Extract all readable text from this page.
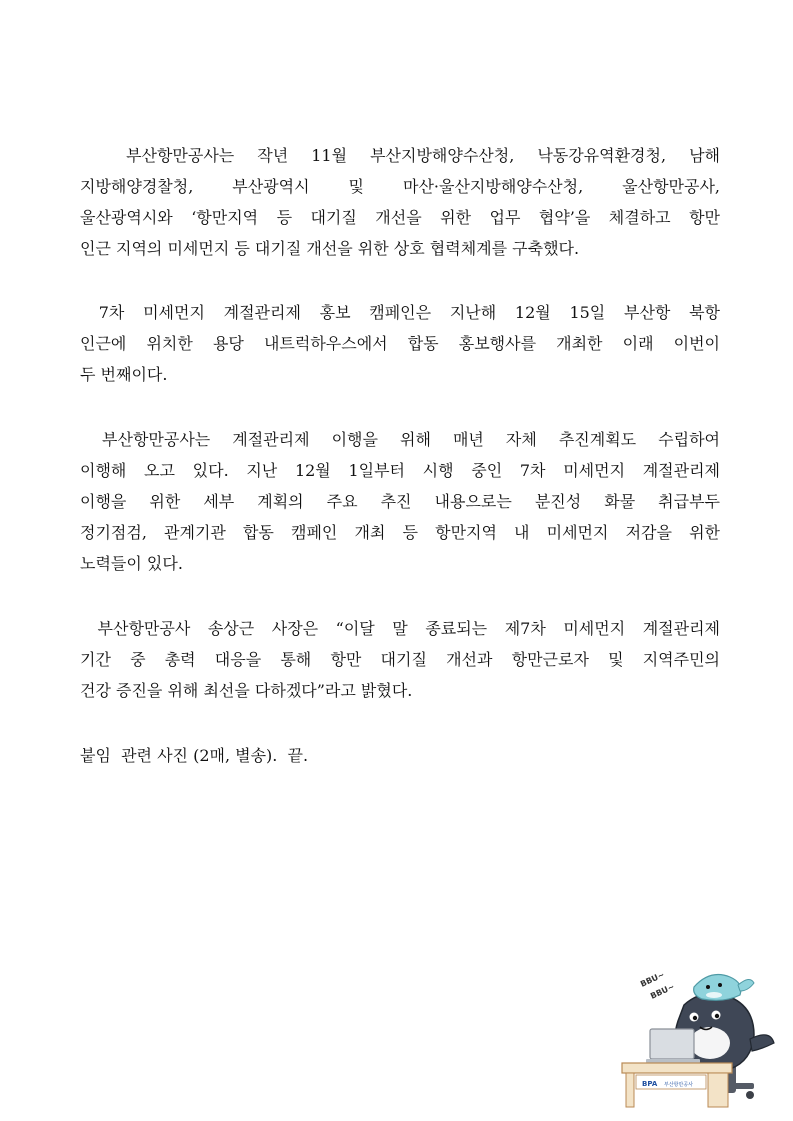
부산항만공사는 작년 11월 부산지방해양수산청, 낙동강유역환경청, 남해
지방해양경찰청, 부산광역시 및 마산·울산지방해양수산청, 울산항만공사,
울산광역시와 ‘항만지역 등 대기질 개선을 위한 업무 협약’을 체결하고 항만
인근 지역의 미세먼지 등 대기질 개선을 위한 상호 협력체계를 구축했다.
7차 미세먼지 계절관리제 홍보 캠페인은 지난해 12월 15일 부산항 북항
인근에 위치한 용당 내트럭하우스에서 합동 홍보행사를 개최한 이래 이번이
두 번째이다.
부산항만공사는 계절관리제 이행을 위해 매년 자체 추진계획도 수립하여
이행해 오고 있다. 지난 12월 1일부터 시행 중인 7차 미세먼지 계절관리제
이행을 위한 세부 계획의 주요 추진 내용으로는 분진성 화물 취급부두
정기점검, 관계기관 합동 캠페인 개최 등 항만지역 내 미세먼지 저감을 위한
노력들이 있다.
부산항만공사 송상근 사장은 “이달 말 종료되는 제7차 미세먼지 계절관리제
기간 중 총력 대응을 통해 항만 대기질 개선과 항만근로자 및 지역주민의
건강 증진을 위해 최선을 다하겠다”라고 밝혔다.
붙임  관련 사진 (2매, 별송).  끝.
BBU~
BBU~
BPA 부산항만공사
